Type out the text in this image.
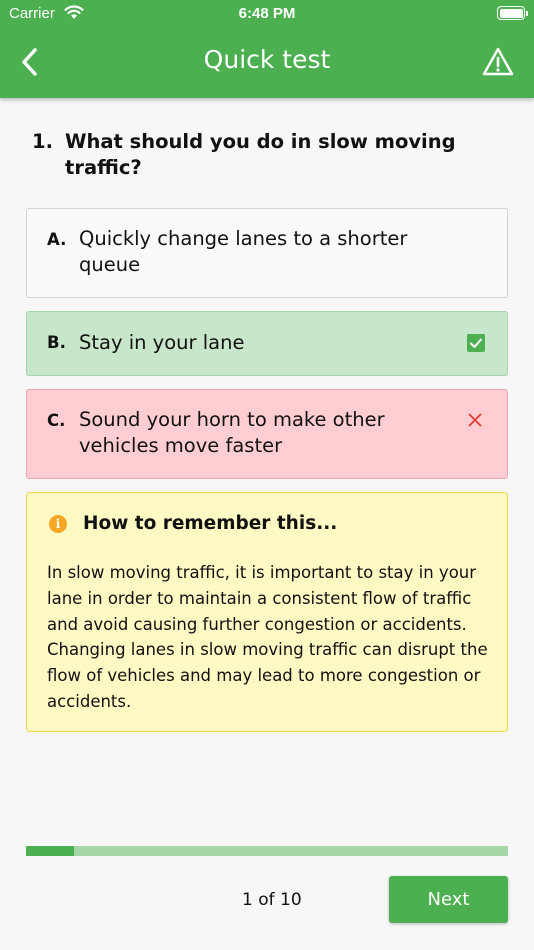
Carrier	6:48 PM
Quick test
1. What should you do in slow moving traffic?
A. Quickly change lanes to a shorter queue
B. Stay in your lane
C. Sound your horn to make other vehicles move faster
i	How to remember this...

In slow moving traffic, it is important to stay in your lane in order to maintain a consistent flow of traffic and avoid causing further congestion or accidents. Changing lanes in slow moving traffic can disrupt the flow of vehicles and may lead to more congestion or accidents.

1 of 10	Next
